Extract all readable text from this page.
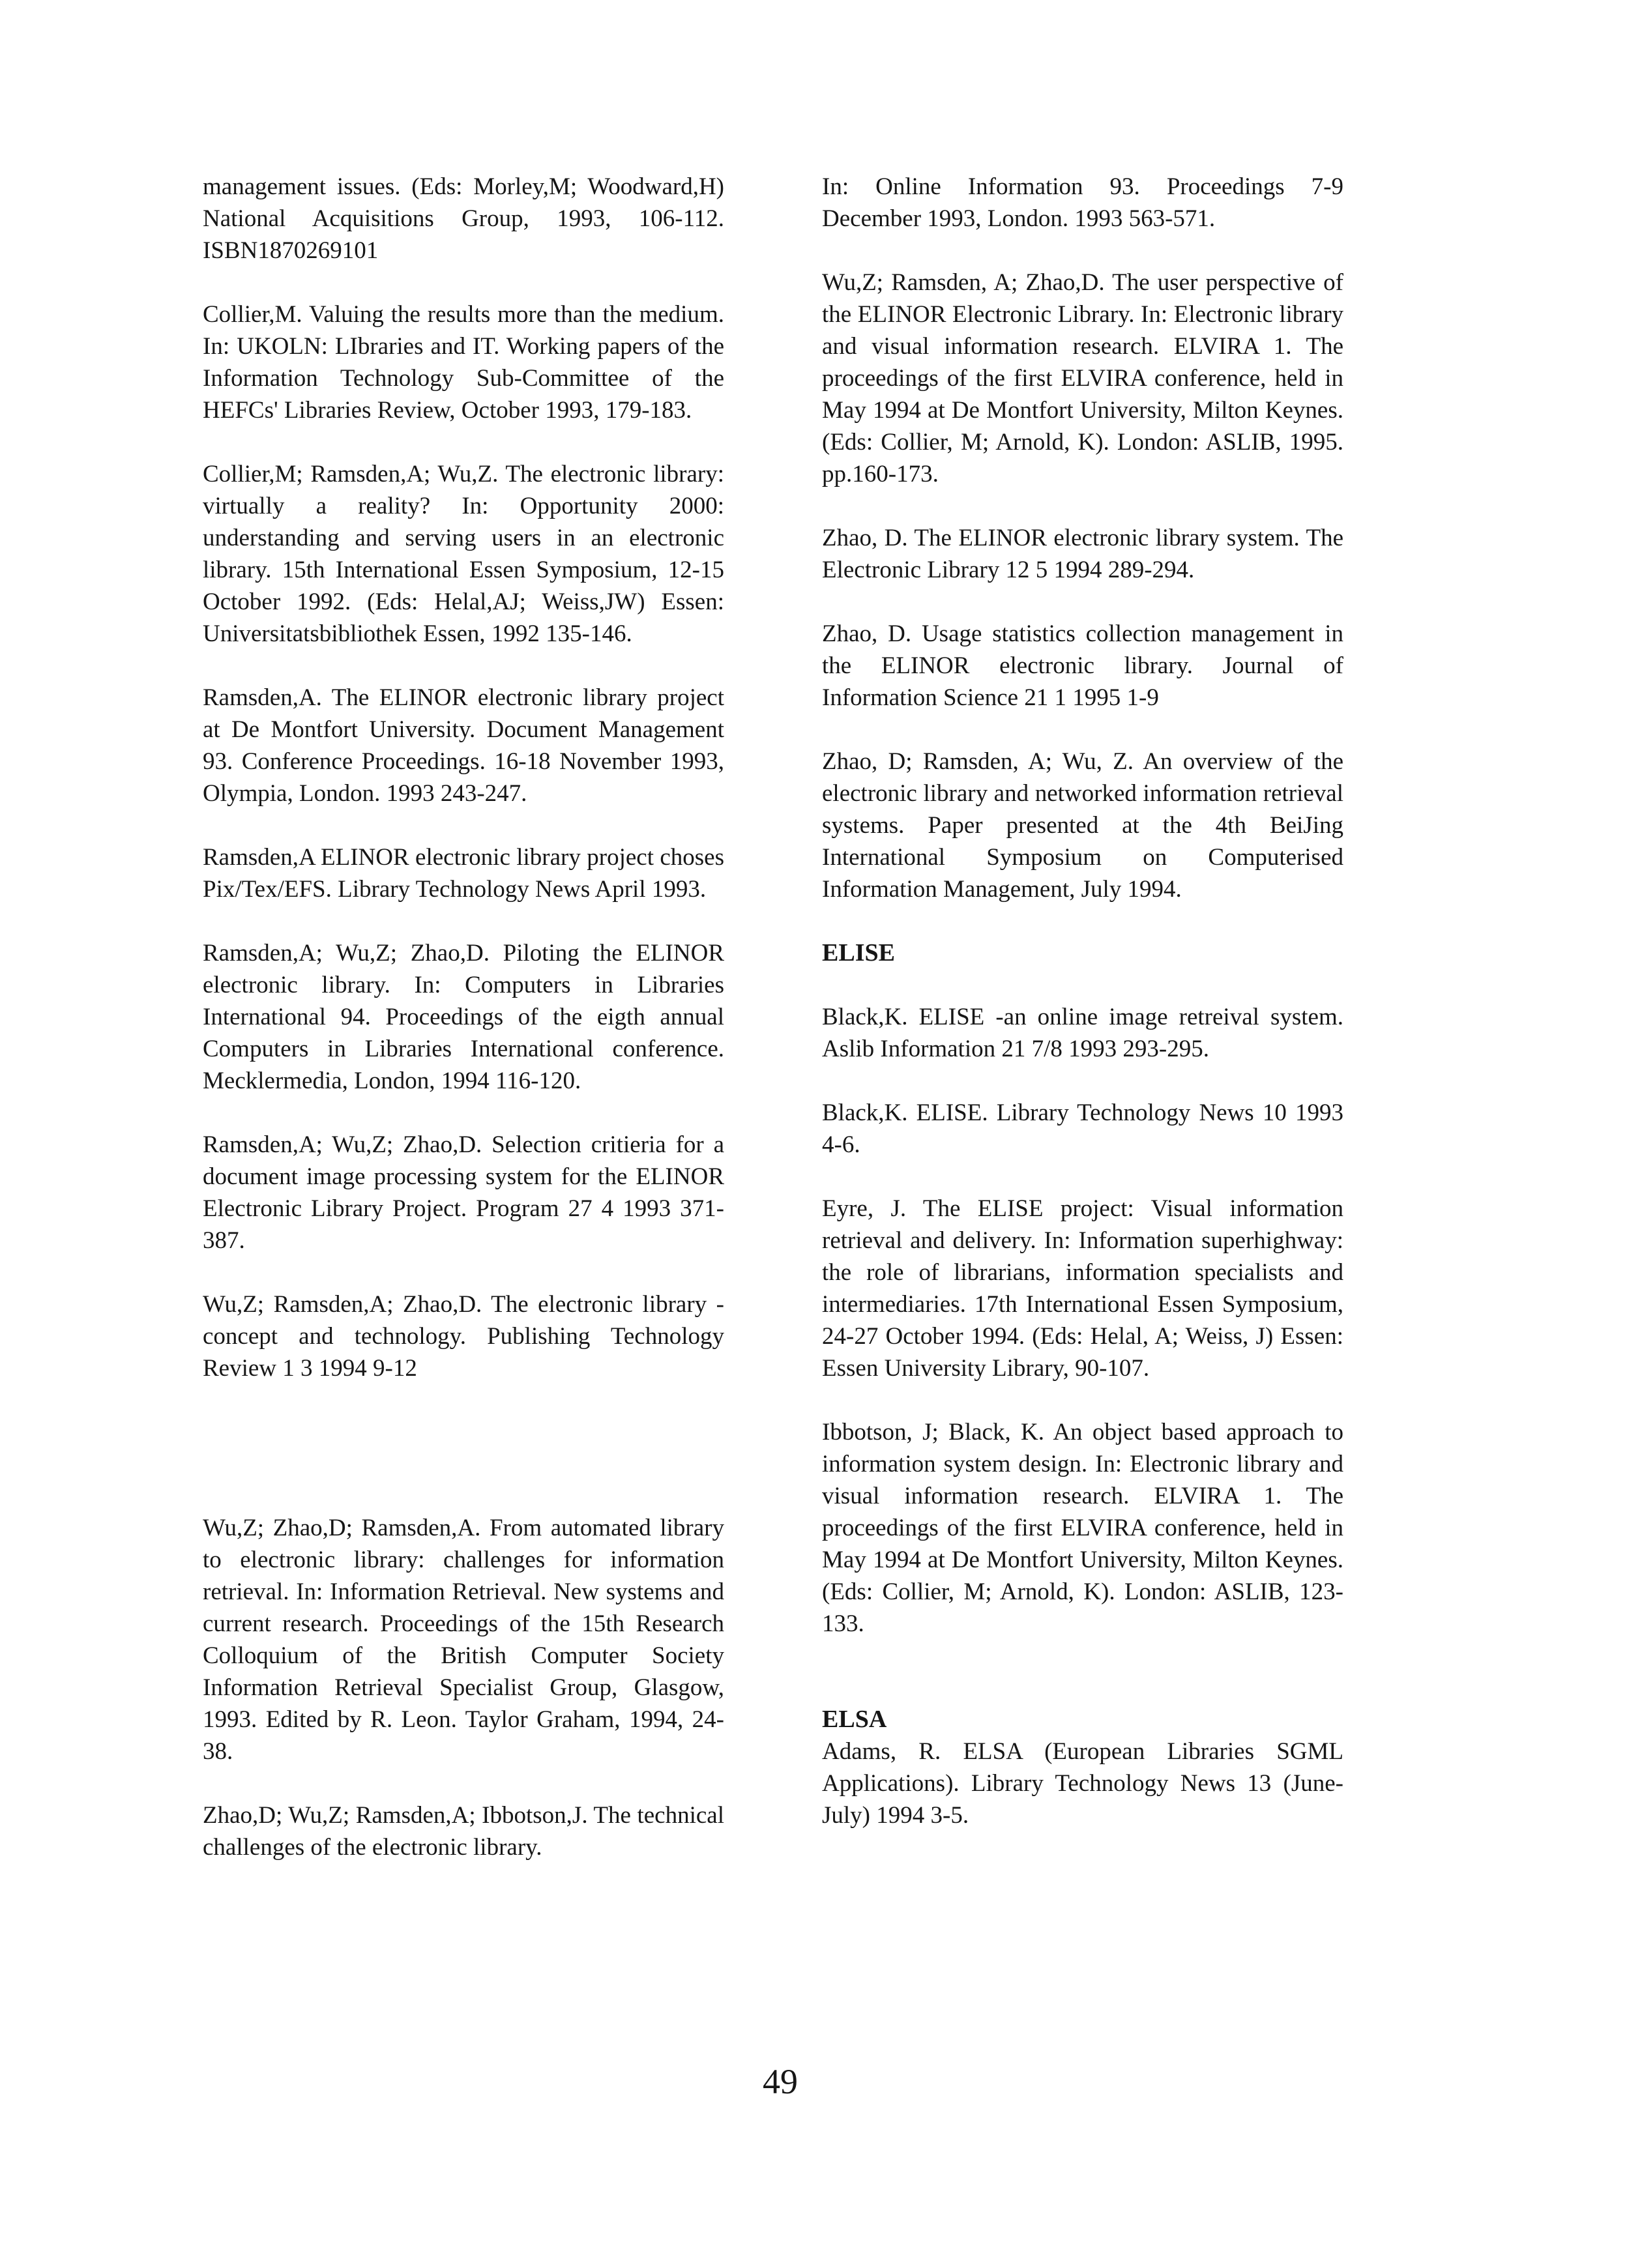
management issues. (Eds: Morley,M; Woodward,H) National Acquisitions Group, 1993, 106-112. ISBN1870269101

Collier,M. Valuing the results more than the medium. In: UKOLN: LIbraries and IT. Working papers of the Information Technology Sub-Committee of the HEFCs' Libraries Review, October 1993, 179-183.

Collier,M; Ramsden,A; Wu,Z. The electronic library: virtually a reality? In: Opportunity 2000: understanding and serving users in an electronic library. 15th International Essen Symposium, 12-15 October 1992. (Eds: Helal,AJ; Weiss,JW) Essen: Universitatsbibliothek Essen, 1992 135-146.

Ramsden,A. The ELINOR electronic library project at De Montfort University. Document Management 93. Conference Proceedings. 16-18 November 1993, Olympia, London. 1993 243-247.

Ramsden,A ELINOR electronic library project choses Pix/Tex/EFS. Library Technology News April 1993.

Ramsden,A; Wu,Z; Zhao,D. Piloting the ELINOR electronic library. In: Computers in Libraries International 94. Proceedings of the eigth annual Computers in Libraries International conference. Mecklermedia, London, 1994 116-120.

Ramsden,A; Wu,Z; Zhao,D. Selection critieria for a document image processing system for the ELINOR Electronic Library Project. Program 27 4 1993 371-387.

Wu,Z; Ramsden,A; Zhao,D. The electronic library -concept and technology. Publishing Technology Review 1 3 1994 9-12

Wu,Z; Zhao,D; Ramsden,A. From automated library to electronic library: challenges for information retrieval. In: Information Retrieval. New systems and current research. Proceedings of the 15th Research Colloquium of the British Computer Society Information Retrieval Specialist Group, Glasgow, 1993. Edited by R. Leon. Taylor Graham, 1994, 24-38.

Zhao,D; Wu,Z; Ramsden,A; Ibbotson,J. The technical challenges of the electronic library.

In: Online Information 93. Proceedings 7-9 December 1993, London. 1993 563-571.

Wu,Z; Ramsden, A; Zhao,D. The user perspective of the ELINOR Electronic Library. In: Electronic library and visual information research. ELVIRA 1. The proceedings of the first ELVIRA conference, held in May 1994 at De Montfort University, Milton Keynes. (Eds: Collier, M; Arnold, K). London: ASLIB, 1995. pp.160-173.

Zhao, D. The ELINOR electronic library system. The Electronic Library 12 5 1994 289-294.

Zhao, D. Usage statistics collection management in the ELINOR electronic library. Journal of Information Science 21 1 1995 1-9

Zhao, D; Ramsden, A; Wu, Z. An overview of the electronic library and networked information retrieval systems. Paper presented at the 4th BeiJing International Symposium on Computerised Information Management, July 1994.

ELISE

Black,K. ELISE -an online image retreival system. Aslib Information 21 7/8 1993 293-295.

Black,K. ELISE. Library Technology News 10 1993 4-6.

Eyre, J. The ELISE project: Visual information retrieval and delivery. In: Information superhighway: the role of librarians, information specialists and intermediaries. 17th International Essen Symposium, 24-27 October 1994. (Eds: Helal, A; Weiss, J) Essen: Essen University Library, 90-107.

Ibbotson, J; Black, K. An object based approach to information system design. In: Electronic library and visual information research. ELVIRA 1. The proceedings of the first ELVIRA conference, held in May 1994 at De Montfort University, Milton Keynes. (Eds: Collier, M; Arnold, K). London: ASLIB, 123-133.

ELSA

Adams, R. ELSA (European Libraries SGML Applications). Library Technology News 13 (June-July) 1994 3-5.

49
